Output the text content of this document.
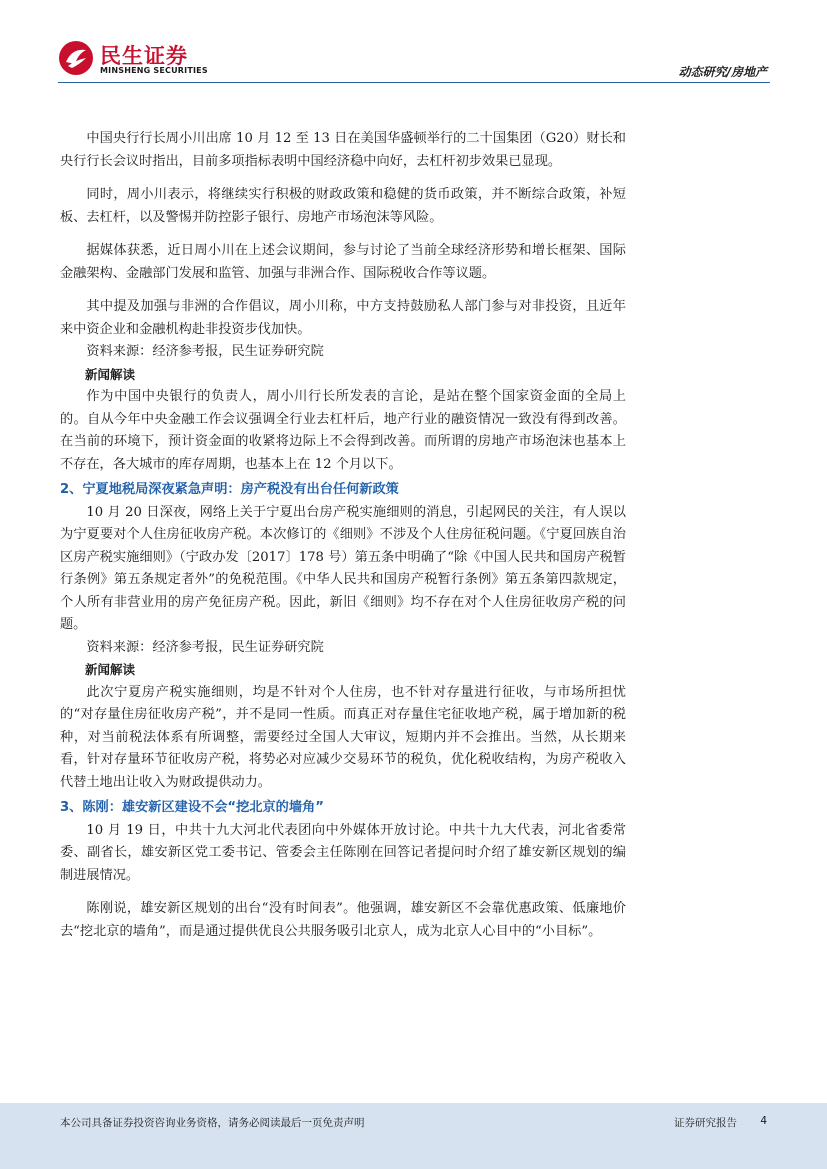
民生证券
MINSHENG SECURITIES	动态研究/房地产

中国央行行长周小川出席 10 月 12 至 13 日在美国华盛顿举行的二十国集团（G20）财长和央行行长会议时指出，目前多项指标表明中国经济稳中向好，去杠杆初步效果已显现。

同时，周小川表示，将继续实行积极的财政政策和稳健的货币政策，并不断综合政策，补短板、去杠杆，以及警惕并防控影子银行、房地产市场泡沫等风险。

据媒体获悉，近日周小川在上述会议期间，参与讨论了当前全球经济形势和增长框架、国际金融架构、金融部门发展和监管、加强与非洲合作、国际税收合作等议题。

其中提及加强与非洲的合作倡议，周小川称，中方支持鼓励私人部门参与对非投资，且近年来中资企业和金融机构赴非投资步伐加快。

资料来源：经济参考报，民生证券研究院

新闻解读

作为中国中央银行的负责人，周小川行长所发表的言论，是站在整个国家资金面的全局上的。自从今年中央金融工作会议强调全行业去杠杆后，地产行业的融资情况一致没有得到改善。在当前的环境下，预计资金面的收紧将边际上不会得到改善。而所谓的房地产市场泡沫也基本上不存在，各大城市的库存周期，也基本上在 12 个月以下。

2、宁夏地税局深夜紧急声明：房产税没有出台任何新政策

10 月 20 日深夜，网络上关于宁夏出台房产税实施细则的消息，引起网民的关注，有人误以为宁夏要对个人住房征收房产税。本次修订的《细则》不涉及个人住房征税问题。《宁夏回族自治区房产税实施细则》（宁政办发〔2017〕178 号）第五条中明确了“除《中国人民共和国房产税暂行条例》第五条规定者外”的免税范围。《中华人民共和国房产税暂行条例》第五条第四款规定，个人所有非营业用的房产免征房产税。因此，新旧《细则》均不存在对个人住房征收房产税的问题。

资料来源：经济参考报，民生证券研究院

新闻解读

此次宁夏房产税实施细则，均是不针对个人住房，也不针对存量进行征收，与市场所担忧的“对存量住房征收房产税”，并不是同一性质。而真正对存量住宅征收地产税，属于增加新的税种，对当前税法体系有所调整，需要经过全国人大审议，短期内并不会推出。当然，从长期来看，针对存量环节征收房产税，将势必对应减少交易环节的税负，优化税收结构，为房产税收入代替土地出让收入为财政提供动力。

3、陈刚：雄安新区建设不会“挖北京的墙角”

10 月 19 日，中共十九大河北代表团向中外媒体开放讨论。中共十九大代表，河北省委常委、副省长，雄安新区党工委书记、管委会主任陈刚在回答记者提问时介绍了雄安新区规划的编制进展情况。

陈刚说，雄安新区规划的出台“没有时间表”。他强调，雄安新区不会靠优惠政策、低廉地价去“挖北京的墙角”，而是通过提供优良公共服务吸引北京人，成为北京人心目中的“小目标”。

本公司具备证券投资咨询业务资格，请务必阅读最后一页免责声明	证券研究报告 4
